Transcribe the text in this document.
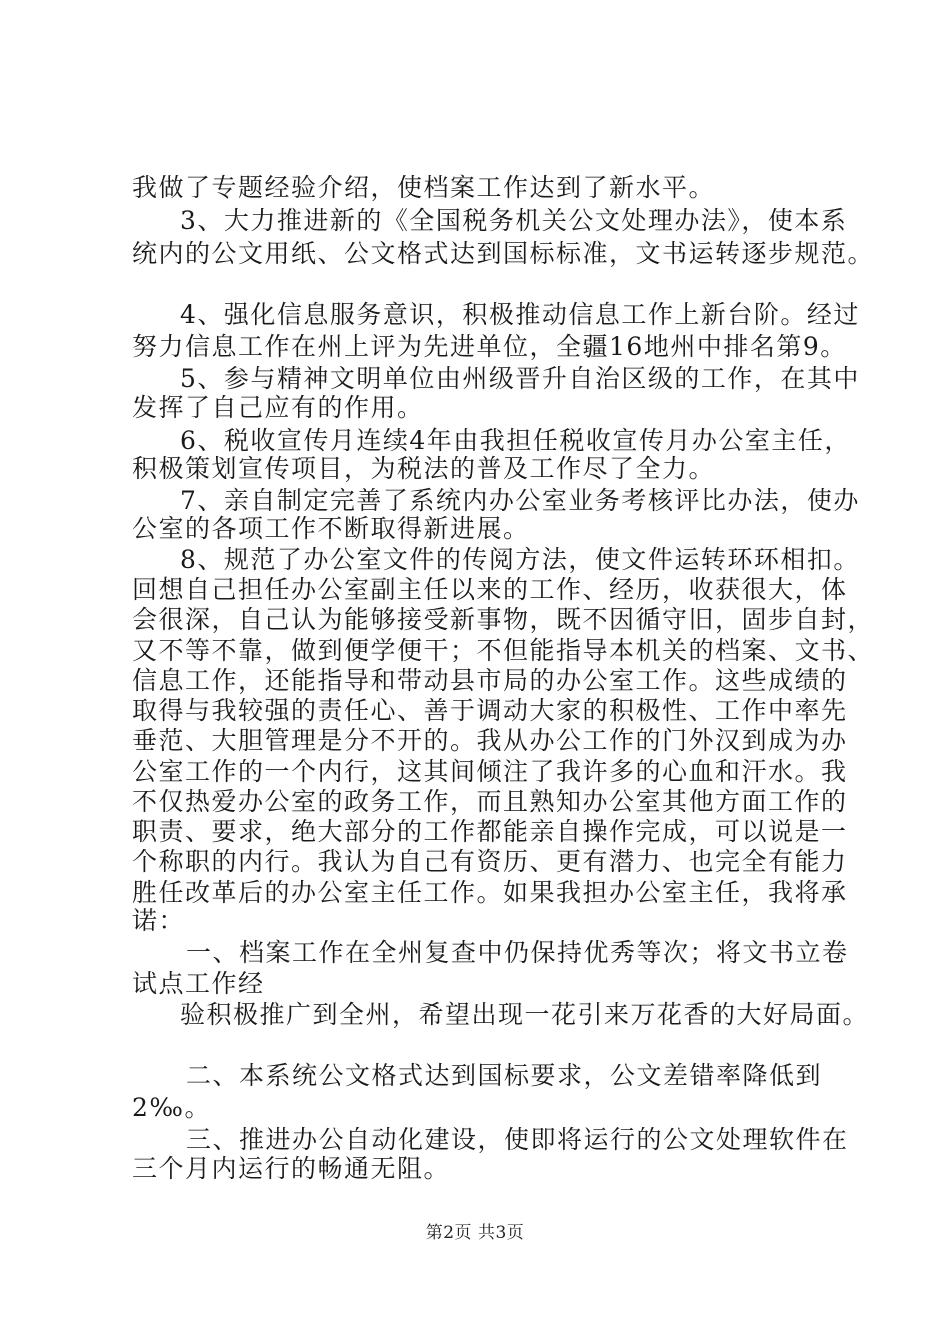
我做了专题经验介绍，使档案工作达到了新水平。
3、大力推进新的《全国税务机关公文处理办法》，使本系
统内的公文用纸、公文格式达到国标标准，文书运转逐步规范。
4、强化信息服务意识，积极推动信息工作上新台阶。经过
努力信息工作在州上评为先进单位，全疆16地州中排名第9。
5、参与精神文明单位由州级晋升自治区级的工作，在其中
发挥了自己应有的作用。
6、税收宣传月连续4年由我担任税收宣传月办公室主任，
积极策划宣传项目，为税法的普及工作尽了全力。
7、亲自制定完善了系统内办公室业务考核评比办法，使办
公室的各项工作不断取得新进展。
8、规范了办公室文件的传阅方法，使文件运转环环相扣。
回想自己担任办公室副主任以来的工作、经历，收获很大，体
会很深，自己认为能够接受新事物，既不因循守旧，固步自封，
又不等不靠，做到便学便干；不但能指导本机关的档案、文书、
信息工作，还能指导和带动县市局的办公室工作。这些成绩的
取得与我较强的责任心、善于调动大家的积极性、工作中率先
垂范、大胆管理是分不开的。我从办公工作的门外汉到成为办
公室工作的一个内行，这其间倾注了我许多的心血和汗水。我
不仅热爱办公室的政务工作，而且熟知办公室其他方面工作的
职责、要求，绝大部分的工作都能亲自操作完成，可以说是一
个称职的内行。我认为自己有资历、更有潜力、也完全有能力
胜任改革后的办公室主任工作。如果我担办公室主任，我将承
诺：
一、档案工作在全州复查中仍保持优秀等次；将文书立卷
试点工作经
验积极推广到全州，希望出现一花引来万花香的大好局面。
二、本系统公文格式达到国标要求，公文差错率降低到
2‰。
三、推进办公自动化建设，使即将运行的公文处理软件在
三个月内运行的畅通无阻。
第2页 共3页
